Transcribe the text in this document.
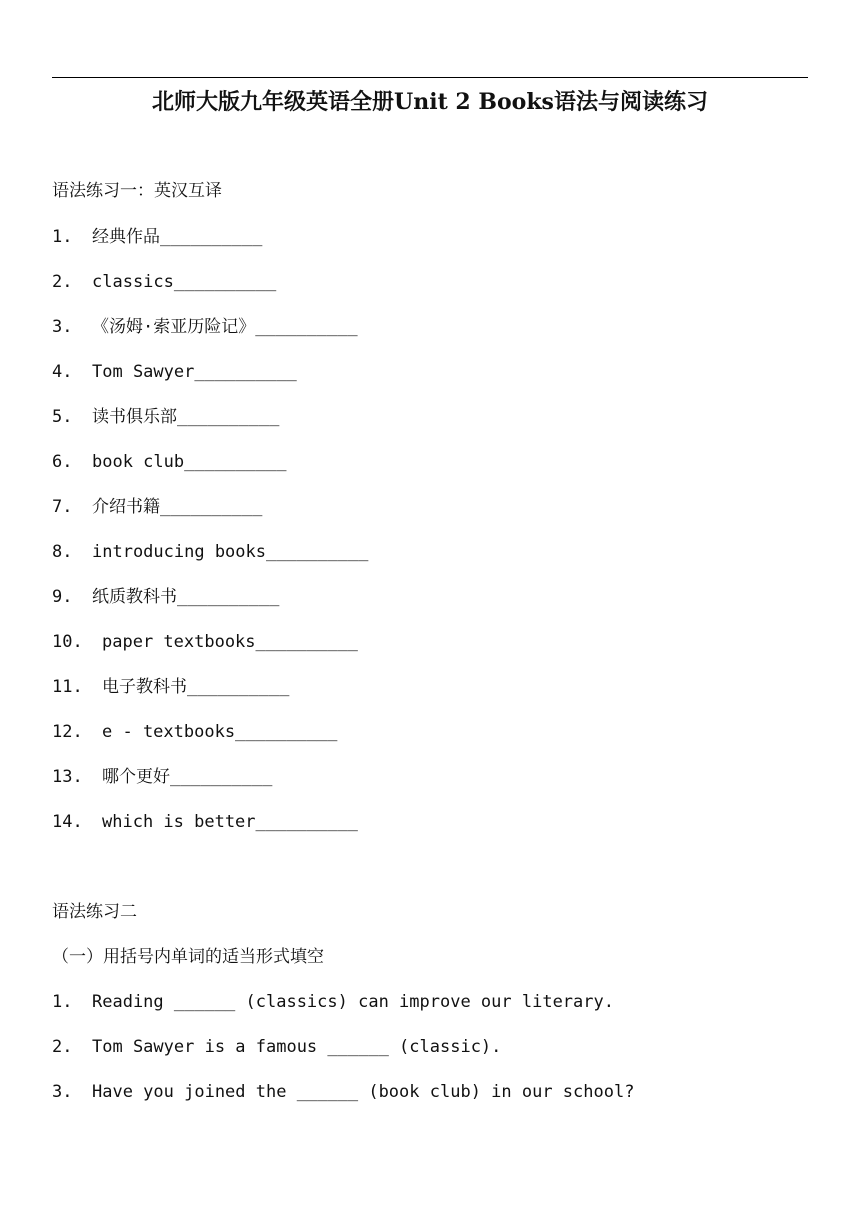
北师大版九年级英语全册Unit 2 Books语法与阅读练习
语法练习一：英汉互译
1. 经典作品__________
2. classics__________
3. 《汤姆·索亚历险记》__________
4. Tom Sawyer__________
5. 读书俱乐部__________
6. book club__________
7. 介绍书籍__________
8. introducing books__________
9. 纸质教科书__________
10. paper textbooks__________
11. 电子教科书__________
12. e - textbooks__________
13. 哪个更好__________
14. which is better__________
语法练习二
（一）用括号内单词的适当形式填空
1. Reading ______ (classics) can improve our literary.
2. Tom Sawyer is a famous ______ (classic).
3. Have you joined the ______ (book club) in our school?
